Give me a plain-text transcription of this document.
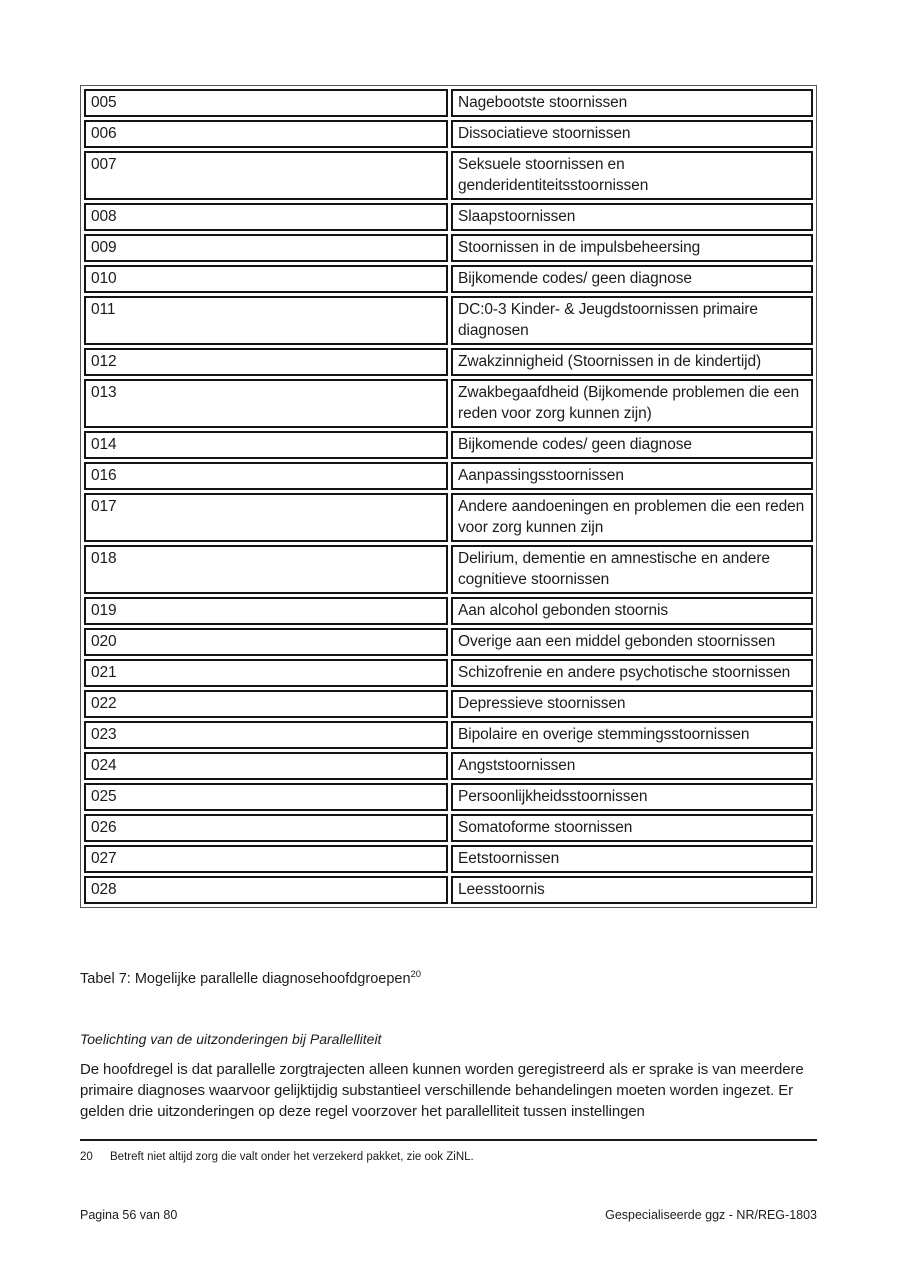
005	Nagebootste stoornissen
006	Dissociatieve stoornissen
007	Seksuele stoornissen en genderidentiteitsstoornissen
008	Slaapstoornissen
009	Stoornissen in de impulsbeheersing
010	Bijkomende codes/ geen diagnose
011	DC:0-3 Kinder- & Jeugdstoornissen primaire diagnosen
012	Zwakzinnigheid (Stoornissen in de kindertijd)
013	Zwakbegaafdheid (Bijkomende problemen die een reden voor zorg kunnen zijn)
014	Bijkomende codes/ geen diagnose
016	Aanpassingsstoornissen
017	Andere aandoeningen en problemen die een reden voor zorg kunnen zijn
018	Delirium, dementie en amnestische en andere cognitieve stoornissen
019	Aan alcohol gebonden stoornis
020	Overige aan een middel gebonden stoornissen
021	Schizofrenie en andere psychotische stoornissen
022	Depressieve stoornissen
023	Bipolaire en overige stemmingsstoornissen
024	Angststoornissen
025	Persoonlijkheidsstoornissen
026	Somatoforme stoornissen
027	Eetstoornissen
028	Leesstoornis

Tabel 7: Mogelijke parallelle diagnosehoofdgroepen$^{20}$

Toelichting van de uitzonderingen bij Parallelliteit

De hoofdregel is dat parallelle zorgtrajecten alleen kunnen worden geregistreerd als er sprake is van meerdere primaire diagnoses waarvoor gelijktijdig substantieel verschillende behandelingen moeten worden ingezet. Er gelden drie uitzonderingen op deze regel voorzover het parallelliteit tussen instellingen

20	Betreft niet altijd zorg die valt onder het verzekerd pakket, zie ook ZiNL.
Pagina 56 van 80	Gespecialiseerde ggz - NR/REG-1803
